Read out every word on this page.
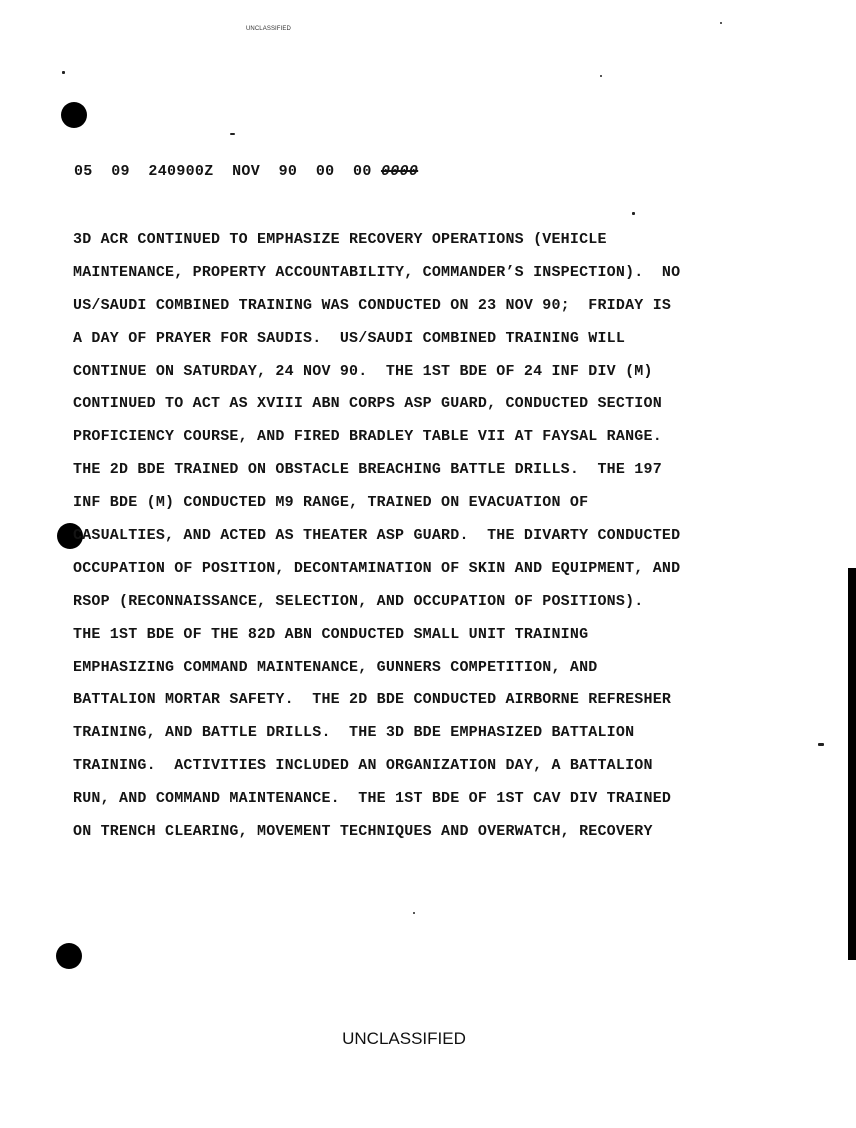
UNCLASSIFIED
05  09  240900Z  NOV  90  00  00 0000
3D ACR CONTINUED TO EMPHASIZE RECOVERY OPERATIONS (VEHICLE
MAINTENANCE, PROPERTY ACCOUNTABILITY, COMMANDER’S INSPECTION).  NO
US/SAUDI COMBINED TRAINING WAS CONDUCTED ON 23 NOV 90;  FRIDAY IS
A DAY OF PRAYER FOR SAUDIS.  US/SAUDI COMBINED TRAINING WILL
CONTINUE ON SATURDAY, 24 NOV 90.  THE 1ST BDE OF 24 INF DIV (M)
CONTINUED TO ACT AS XVIII ABN CORPS ASP GUARD, CONDUCTED SECTION
PROFICIENCY COURSE, AND FIRED BRADLEY TABLE VII AT FAYSAL RANGE.
THE 2D BDE TRAINED ON OBSTACLE BREACHING BATTLE DRILLS.  THE 197
INF BDE (M) CONDUCTED M9 RANGE, TRAINED ON EVACUATION OF
CASUALTIES, AND ACTED AS THEATER ASP GUARD.  THE DIVARTY CONDUCTED
OCCUPATION OF POSITION, DECONTAMINATION OF SKIN AND EQUIPMENT, AND
RSOP (RECONNAISSANCE, SELECTION, AND OCCUPATION OF POSITIONS).
THE 1ST BDE OF THE 82D ABN CONDUCTED SMALL UNIT TRAINING
EMPHASIZING COMMAND MAINTENANCE, GUNNERS COMPETITION, AND
BATTALION MORTAR SAFETY.  THE 2D BDE CONDUCTED AIRBORNE REFRESHER
TRAINING, AND BATTLE DRILLS.  THE 3D BDE EMPHASIZED BATTALION
TRAINING.  ACTIVITIES INCLUDED AN ORGANIZATION DAY, A BATTALION
RUN, AND COMMAND MAINTENANCE.  THE 1ST BDE OF 1ST CAV DIV TRAINED
ON TRENCH CLEARING, MOVEMENT TECHNIQUES AND OVERWATCH, RECOVERY
UNCLASSIFIED
